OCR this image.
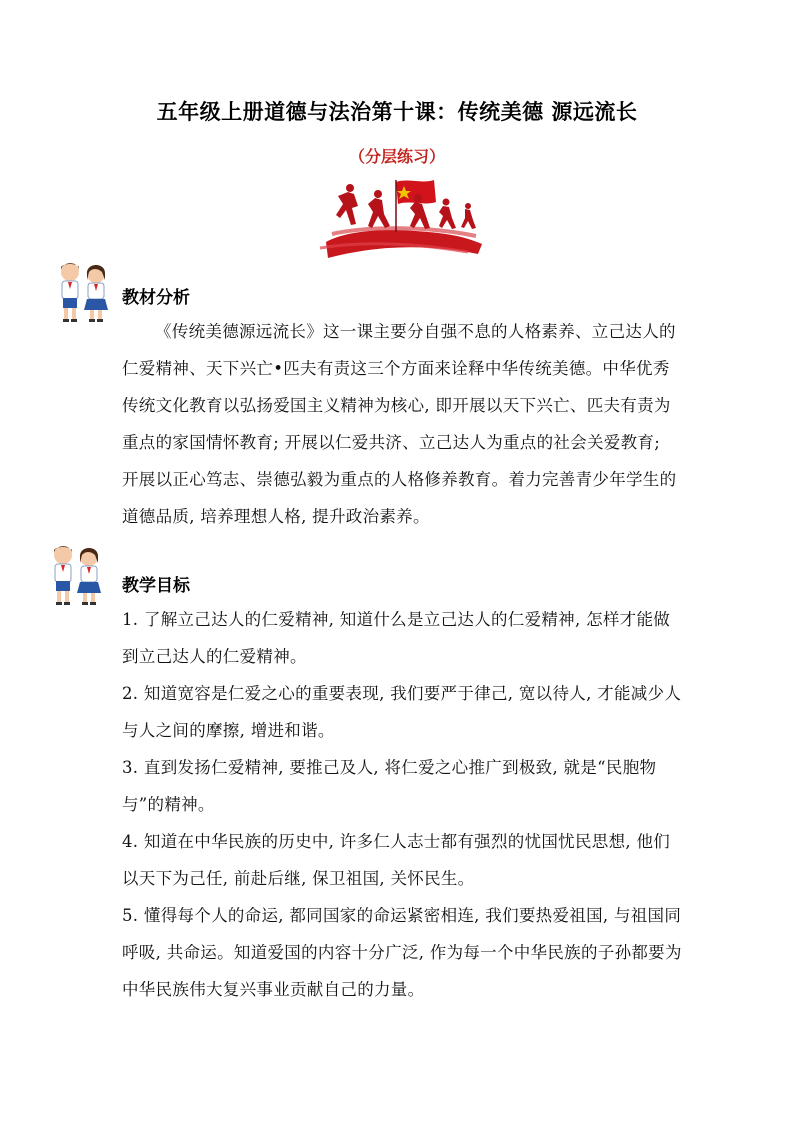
五年级上册道德与法治第十课：传统美德 源远流长
（分层练习）
教材分析

《传统美德源远流长》这一课主要分自强不息的人格素养、立己达人的仁爱精神、天下兴亡•匹夫有责这三个方面来诠释中华传统美德。中华优秀传统文化教育以弘扬爱国主义精神为核心, 即开展以天下兴亡、匹夫有责为重点的家国情怀教育; 开展以仁爱共济、立己达人为重点的社会关爱教育; 开展以正心笃志、崇德弘毅为重点的人格修养教育。着力完善青少年学生的道德品质, 培养理想人格, 提升政治素养。

教学目标
1. 了解立己达人的仁爱精神, 知道什么是立己达人的仁爱精神, 怎样才能做到立己达人的仁爱精神。
2. 知道宽容是仁爱之心的重要表现, 我们要严于律己, 宽以待人, 才能减少人与人之间的摩擦, 增进和谐。
3. 直到发扬仁爱精神, 要推己及人, 将仁爱之心推广到极致, 就是“民胞物与”的精神。
4. 知道在中华民族的历史中, 许多仁人志士都有强烈的忧国忧民思想, 他们以天下为己任, 前赴后继, 保卫祖国, 关怀民生。
5. 懂得每个人的命运, 都同国家的命运紧密相连, 我们要热爱祖国, 与祖国同呼吸, 共命运。知道爱国的内容十分广泛, 作为每一个中华民族的子孙都要为中华民族伟大复兴事业贡献自己的力量。
